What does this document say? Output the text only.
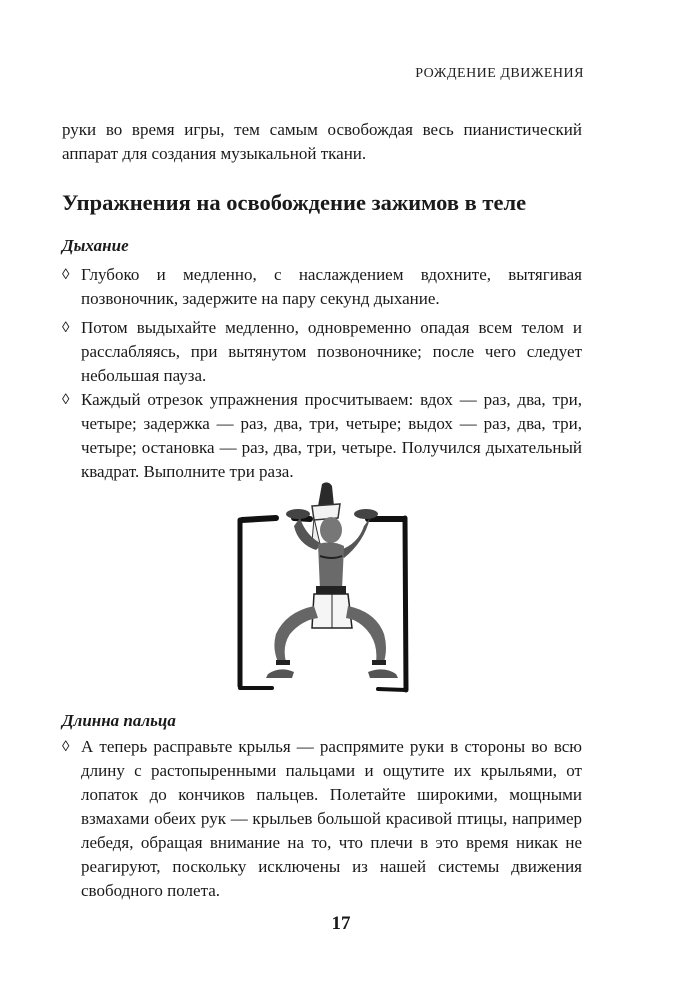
РОЖДЕНИЕ ДВИЖЕНИЯ
руки во время игры, тем самым освобождая весь пианистический аппарат для создания музыкальной ткани.
Упражнения на освобождение зажимов в теле
Дыхание
◊ Глубоко и медленно, с наслаждением вдохните, вытягивая позвоночник, задержите на пару секунд дыхание.
◊ Потом выдыхайте медленно, одновременно опадая всем телом и расслабляясь, при вытянутом позвоночнике; после чего следует небольшая пауза.
◊ Каждый отрезок упражнения просчитываем: вдох — раз, два, три, четыре; задержка — раз, два, три, четыре; выдох — раз, два, три, четыре; остановка — раз, два, три, четыре. Получился дыхательный квадрат. Выполните три раза.
Длинна пальца
◊ А теперь расправьте крылья — распрямите руки в стороны во всю длину с растопыренными пальцами и ощутите их крыльями, от лопаток до кончиков пальцев. Полетайте широкими, мощными взмахами обеих рук — крыльев большой красивой птицы, например лебедя, обращая внимание на то, что плечи в это время никак не реагируют, поскольку исключены из нашей системы движения свободного полета.
17
